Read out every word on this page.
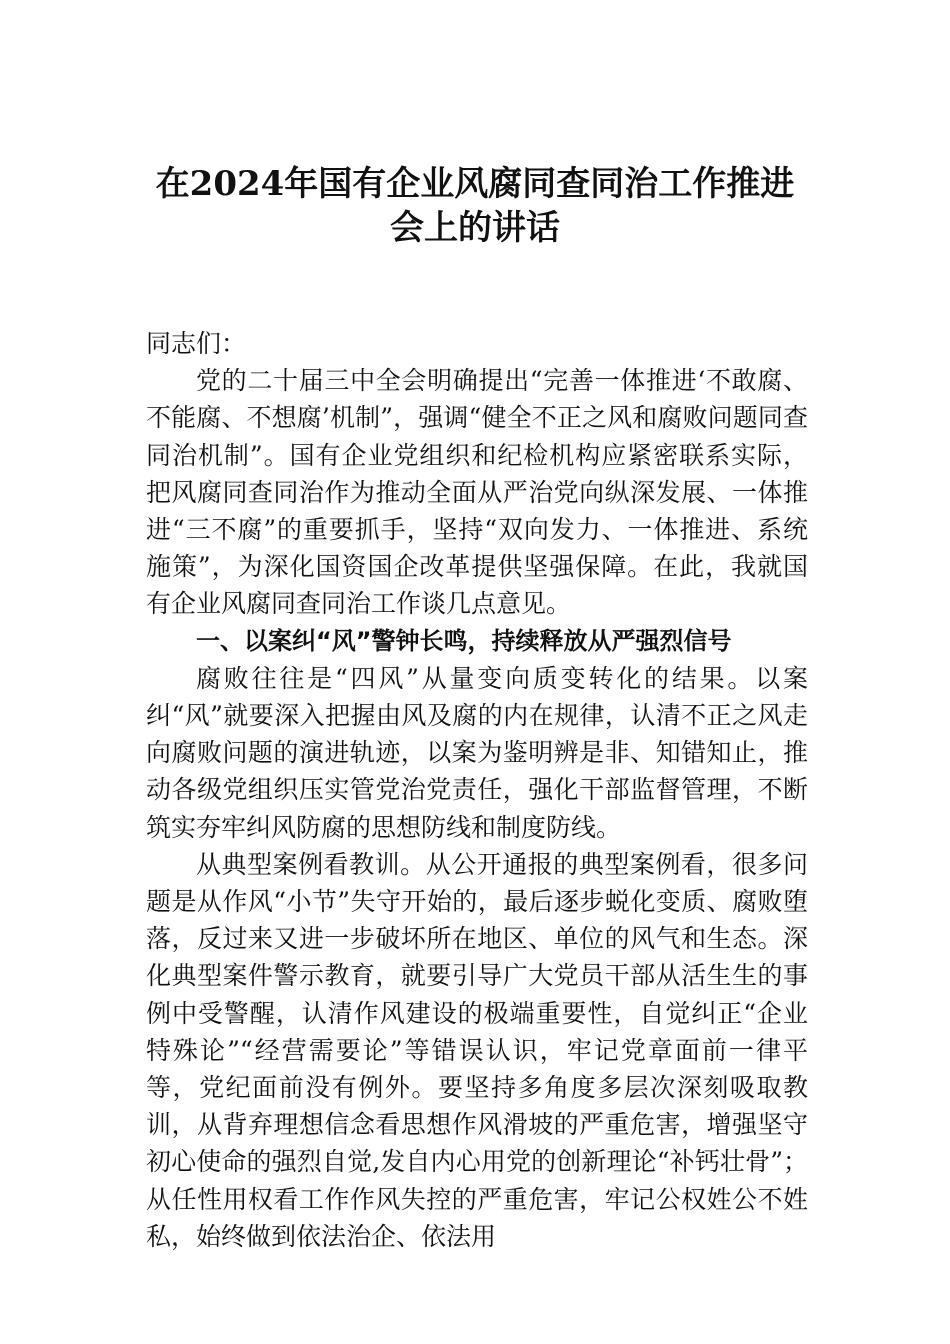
在2024年国有企业风腐同查同治工作推进
会上的讲话

同志们：

党的二十届三中全会明确提出“完善一体推进‘不敢腐、不能腐、不想腐’机制”，强调“健全不正之风和腐败问题同查同治机制”。国有企业党组织和纪检机构应紧密联系实际，把风腐同查同治作为推动全面从严治党向纵深发展、一体推进“三不腐”的重要抓手，坚持“双向发力、一体推进、系统施策”，为深化国资国企改革提供坚强保障。在此，我就国有企业风腐同查同治工作谈几点意见。

一、以案纠“风”警钟长鸣，持续释放从严强烈信号

腐败往往是“四风”从量变向质变转化的结果。以案纠“风”就要深入把握由风及腐的内在规律，认清不正之风走向腐败问题的演进轨迹，以案为鉴明辨是非、知错知止，推动各级党组织压实管党治党责任，强化干部监督管理，不断筑实夯牢纠风防腐的思想防线和制度防线。

从典型案例看教训。从公开通报的典型案例看，很多问题是从作风“小节”失守开始的，最后逐步蜕化变质、腐败堕落，反过来又进一步破坏所在地区、单位的风气和生态。深化典型案件警示教育，就要引导广大党员干部从活生生的事例中受警醒，认清作风建设的极端重要性，自觉纠正“企业特殊论”“经营需要论”等错误认识，牢记党章面前一律平等，党纪面前没有例外。要坚持多角度多层次深刻吸取教训，从背弃理想信念看思想作风滑坡的严重危害，增强坚守初心使命的强烈自觉,发自内心用党的创新理论“补钙壮骨”；从任性用权看工作作风失控的严重危害，牢记公权姓公不姓私，始终做到依法治企、依法用
